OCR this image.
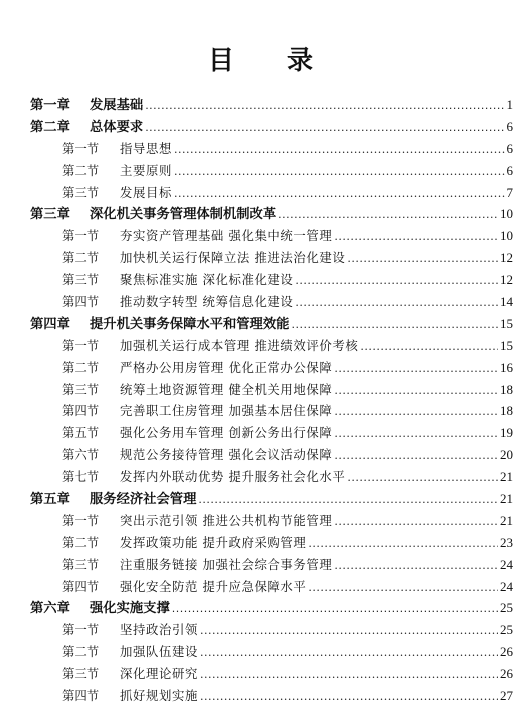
目 录
第一章	发展基础 .....	1
第二章	总体要求 .....	6
第一节	指导思想 .....	6
第二节	主要原则 .....	6
第三节	发展目标 .....	7
第三章	深化机关事务管理体制机制改革 .....	10
第一节	夯实资产管理基础 强化集中统一管理 .....	10
第二节	加快机关运行保障立法 推进法治化建设 .....	12
第三节	聚焦标准实施 深化标准化建设 .....	12
第四节	推动数字转型 统筹信息化建设 .....	14
第四章	提升机关事务保障水平和管理效能 .....	15
第一节	加强机关运行成本管理 推进绩效评价考核 .....	15
第二节	严格办公用房管理 优化正常办公保障 .....	16
第三节	统筹土地资源管理 健全机关用地保障 .....	18
第四节	完善职工住房管理 加强基本居住保障 .....	18
第五节	强化公务用车管理 创新公务出行保障 .....	19
第六节	规范公务接待管理 强化会议活动保障 .....	20
第七节	发挥内外联动优势 提升服务社会化水平 .....	21
第五章	服务经济社会管理 .....	21
第一节	突出示范引领 推进公共机构节能管理 .....	21
第二节	发挥政策功能 提升政府采购管理 .....	23
第三节	注重服务链接 加强社会综合事务管理 .....	24
第四节	强化安全防范 提升应急保障水平 .....	24
第六章	强化实施支撑 .....	25
第一节	坚持政治引领 .....	25
第二节	加强队伍建设 .....	26
第三节	深化理论研究 .....	26
第四节	抓好规划实施 .....	27
